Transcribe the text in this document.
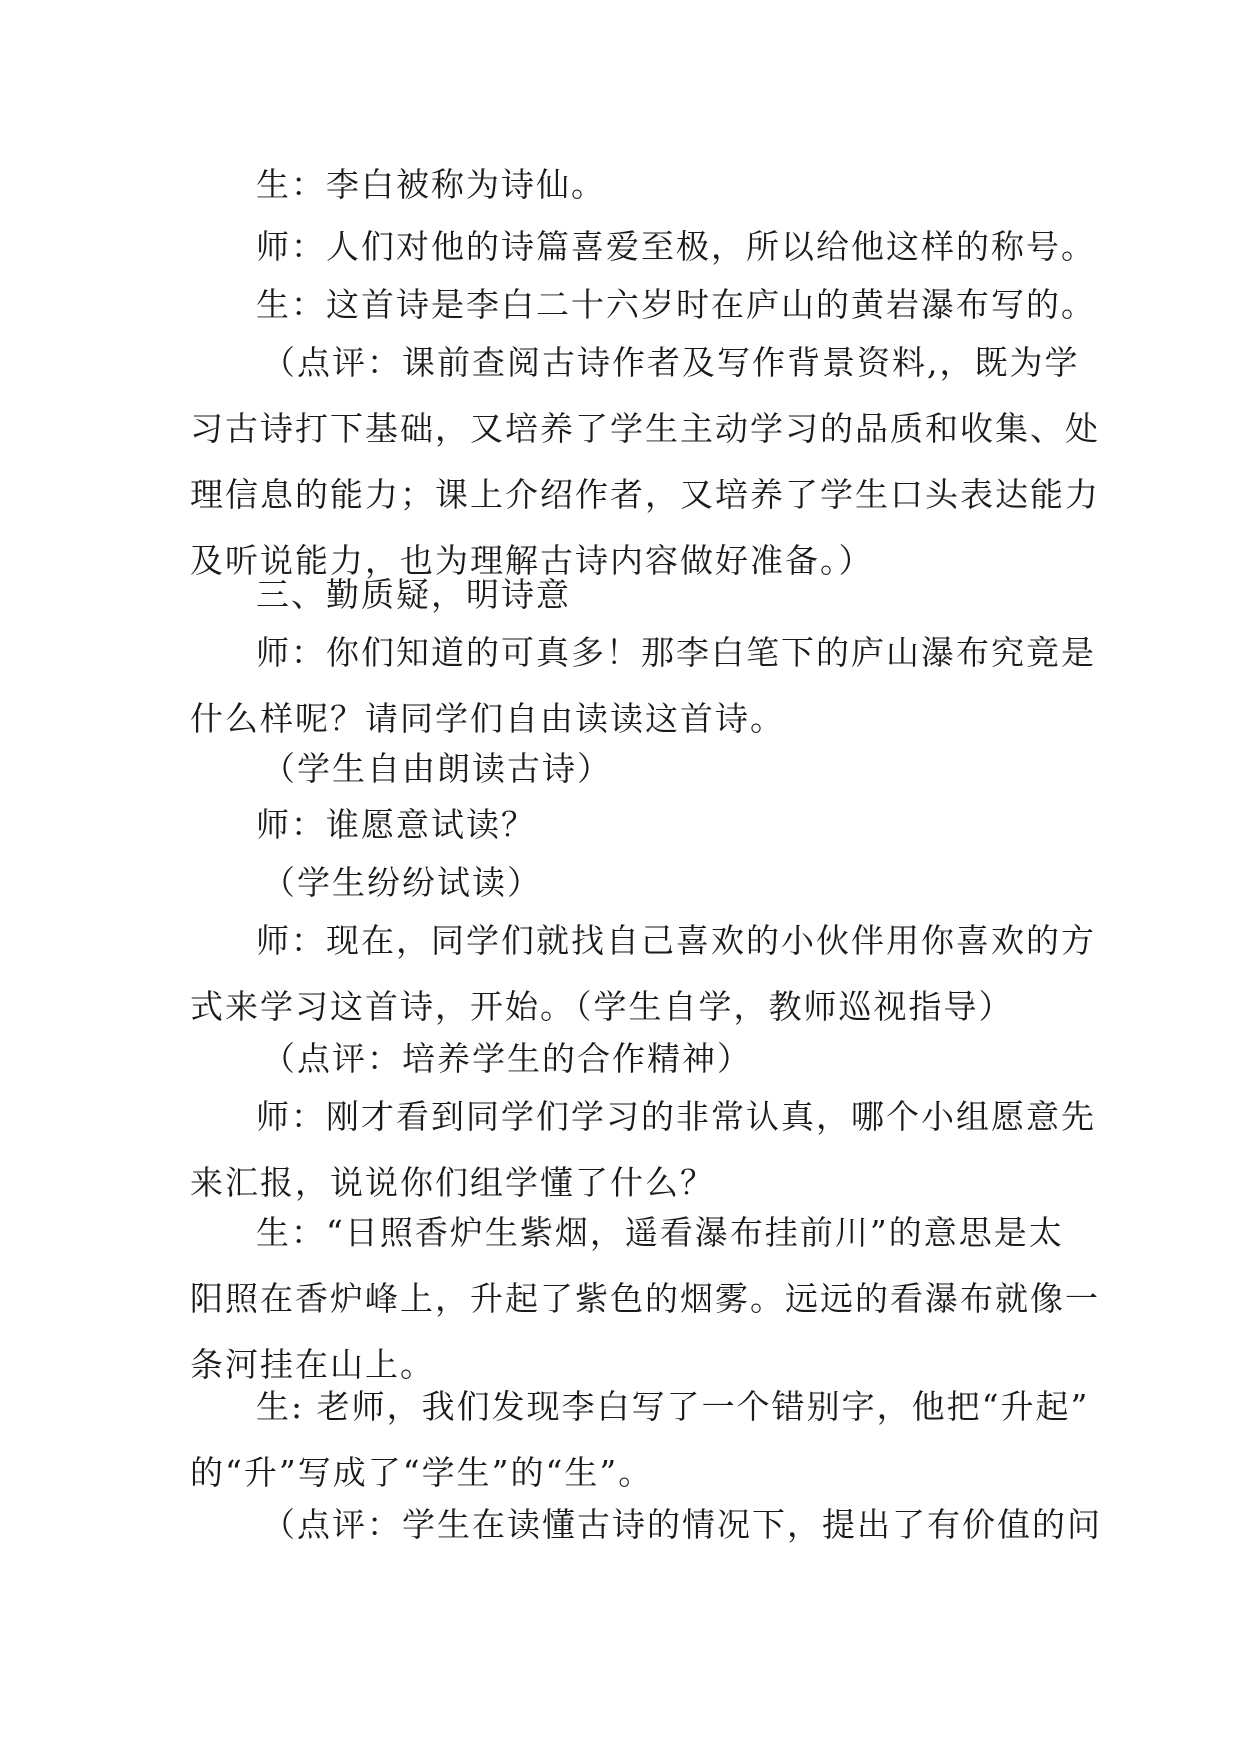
生：李白被称为诗仙。
师：人们对他的诗篇喜爱至极，所以给他这样的称号。
生：这首诗是李白二十六岁时在庐山的黄岩瀑布写的。
（点评：课前查阅古诗作者及写作背景资料,，既为学
习古诗打下基础，又培养了学生主动学习的品质和收集、处
理信息的能力；课上介绍作者，又培养了学生口头表达能力
及听说能力，也为理解古诗内容做好准备。）
三、勤质疑，明诗意
师：你们知道的可真多！那李白笔下的庐山瀑布究竟是
什么样呢？请同学们自由读读这首诗。
（学生自由朗读古诗）
师：谁愿意试读？
（学生纷纷试读）
师：现在，同学们就找自己喜欢的小伙伴用你喜欢的方
式来学习这首诗，开始。（学生自学，教师巡视指导）
（点评：培养学生的合作精神）
师：刚才看到同学们学习的非常认真，哪个小组愿意先
来汇报，说说你们组学懂了什么？
生：“日照香炉生紫烟，遥看瀑布挂前川”的意思是太
阳照在香炉峰上，升起了紫色的烟雾。远远的看瀑布就像一
条河挂在山上。
生: 老师，我们发现李白写了一个错别字，他把“升起”
的“升”写成了“学生”的“生”。
（点评：学生在读懂古诗的情况下，提出了有价值的问
